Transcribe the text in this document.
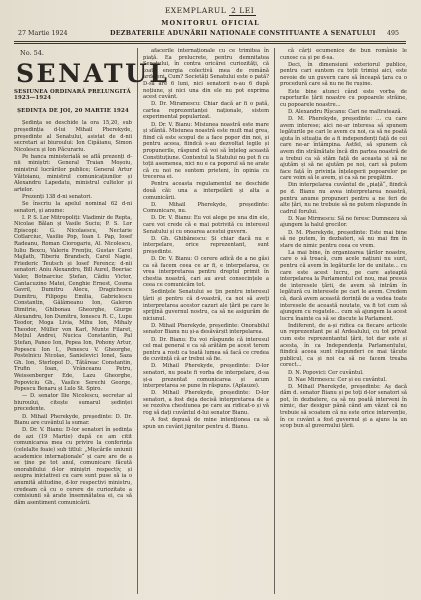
EXEMPLARUL 2 LEI
MONITORUL OFICIAL
27 Martie 1924	DEZBATERILE ADUNĂRII NAȚIONALE CONSTITUANTE A SENATULUI 495
No. 54.
SENATUL
SESIUNEA ORDINARĂ PRELUNGITĂ 1923—1924
ȘEDINȚA DE JOI, 20 MARTIE 1924

Ședința se deschide la ora 15,20, sub președinția d-lui Mihail Pherekyde, președinte al Senatului, asistat de d-nii secretari ai biuroului: Ion Cipăianu, Simon Nicolescu și Ion Păcurariu.

Pe banca ministerială se află prezenți d-nii miniștri: General Traian Moșoiu, ministrul lucrărilor publice; General Artur Văitoianu, ministrul comunicațiunilor și Alexandru Lapedatu, ministrul cultelor și artelor.

Prezenți 138 d-ni senatori.

Se înscriu la apelul nominal 62 d-ni senatori, și anume:

I. P. S. Lor Mitropoliți: Vladimir de Repta, Nicolae Bălan și Vasile Suciu; P. S. Lor Episcopi: G. Nicolaescu, Nectarie Cotlarciuc, Vasilie Pop, Ioan I. Pap, Iosef Radeanu, Roman Ciorogariu, Al. Nicolescu, Iuliu Bexcu, Valeriu Frențiu, Gustav Carol Majlath, Tiberiu Brandsch, Carol Nagie, Friederic Teutsch și Iosef Ferencz; d-nii senatori: Aniu Alexandru, Bill Aurel, Boeriac Valer, Botnarciuc Ștefan, Cădiu Victor, Cantacuzino Matei, Cenghie Ernest, Cosma Gavril, Dumitru Alecu, Dragichescu Dumitru, Filipopu Emilia, Gabrielescu Constantin, Gâlâmeanu Ion, Galeron Dimitrie, Ghibonau Gheorghe, Giurge Alexandru, Ion Dumitru, Ionescu R. C., Lupu Teodor, Moga Livia, Mihu Ion, Mihaly Theodor, Müller von Karl, Munte Filaret, Moțiul Andrei, Nucica Constantin, Pal Ștefan, Paneo Ion, Pepea Ion, Pohony Artur, Popescu Ion I., Penescu V. Gheorghe, Postelnicu Nicolae, Sanielevici Ionel, Saza Gh. Ion, Sterlopol D., Tătăreac Constantin, Trufin Ioan, Vrânceanu Petru, Weissenberger Ede, Lazu Gheorghe, Popoviciu Gh., Vasilce Serechi George, Popescu Benaru și Lulo St. Spiro.

— D. senator Ilie Nicolescu, secretar al biuroului, citește sumarul ședinței precedente.

D. Mihail Pherekyde, președinte: D. Dr. Bianu are cuvântul la sumar.

D. Dr. V. Bianu: D-lor senatori în ședința de azi (19 Martie) după ce am citit comunicarea mea cu privire la conferința (celelalte foaie) sub titlul: „Mișcările uniunii academice internaționale“ și care are de a se ține pe tot anul, comunicare făcută onorabilului d-lor miniștri respectiv, și asupra iniciativei cu care sunt puse să ia o anumită atitudine, d-lor respectivi ministru, credeam că cu o cerere de curiozitate a comisiunii să arate însemnătatea ei, ca să dăm asentiment comunicării.

afacerile internaționale cu ce trimitea în piață. Ea prelucrete, pentru demnitatea Senatului, în contra oricărei curiozități, că toată energia colectivă mea de română ardeleni. Cum? Societăți Senatului este o pată? D-sa are 6 luni, nici senatorii n-au 6 după noțiune, și nici una din ele nu pot exprima acest cuvânt.

D. Dr. Miramescu: Chiar dacă ar fi o pată, cartea reprezentanței naționale, sistem experimental popularizat.

D. Dr. V. Bianu: Misiunea noastră este mare și sfântă. Misiunea noastră este mult mai grea, fiind că este scopul de a face popor din noi, și pentru aceea, fiindcă s-au dezvoltat legile și propunerile, răspund că voi să înțeleg această Constituțiune. Contextul la Statului nu pot fi cu toții asemenea, nici nu e ca poporul să ne arate că cu noi ne suntem prieteni, în opinia cu trecerea ei.

Pentru aceasta regulamentul ne deschide două căi: una a interpelării și alta a comunicării.

D. Mihail Pherekyde, președinte: Comunicare, nu.

D. Dr. V. Bianu: Eu voi alege pe una din ele, care voi crede că e mai potrivită cu interesul Senatului și cu onoarea acestui guvern.

D. Gh. Ghibănescu: Și chiar dacă nu e interpelare, orice reprezentant, sunt președinte.

D. Dr. V. Bianu: O cerere adică de a ne găsi ca să facem ceea ce ar fi, e interpelarea, ce vrea interpretarea pentru dreptul primit în chestia noastră, cari au avut consecințele a ceea ce comunicăm tot.

Sedințele Senatului se țin pentru interesul țării și pentru că d-voastră, ca noi să aveți interpretarea acestor cazuri ale țării pe care le sprijină guvernul nostru, ca să ne asigurăm de niciunul.

D. Mihail Pherekyde, președinte: Onorabilul senator Bianu nu și-a desăvârșit interpelarea.

D. Dr. Bianu: Eu voi răspunde că interesul cel mai general e ca să arătăm pe acest terem pentru a rosti ca toată lumea să facă ce credea de cuviință că ar trebui să fie.

D. Mihail Pherekyde, președinte: D-lor senatori, nu poate fi vorba de interpelare, d-sa și-a prezentat comunicarea și acum interpretarea se pune în răspuns. (Aplauze).

D. Mihail Pherekyde, președinte: D-lor senatori, a fost deja decisă interpretarea de a se rezolva chestiunea pe care au ridicat-o și vă rog să dați cuvântul d-lui senator Bianu.

A fost depusă de mine intenționea ca să spun un cuvânt jignitor pentru d. Bianu.

că cărți ecumenice de bun românie le cunosc ca și pe d-sa.

Deci, în dimensiuni exteriorul publice, pentru cari suntem cu toții trimiși aici, este nevoie de un guvern care să înceapă țara cu o procedură care să nu ne fie rușine.

Este bine atunci când este vorba de raporturile țării noastre cu popoarele străine, cu popoarele noastre...

D. Alexandru Rîșcanu: Cari ne maltratează.

D. M. Pherekyde, președinte: ... cu care avem interese; aici ne-ar interesa să spunem legăturile pe cari le avem cu noi, ca să ne poată ajuta în situația de a fi independenți față de cei care ne-ar întâmpina. Astfel, să spunem că avem din străinătate încă din partea noastră de a trebui ca să stăm față de aceasta și să ne ajutăm și să ne ajutăm pe noi, cari să putem face față în privința înțelegerii popoarelor pe care voim să le avem, și ca să ne pregătim.

Din interpelarea cuvântul de „piață“, fiindcă pe d. Bianu nu avea interpretarea noastră, pentru anume propuneri pentru a ne feri de alte țări, nu ne trebuie să ne putem răspunde în cadrul forului.

D. Nae Mirmescu: Să ne feresc Dumnezeu să ajungem la halul grecilor.

D. M. Pherekyde, președinte: Este mai bine să ne putem, în dezbateri, să nu mai fim în stare de nimic pentru ceea ce vrem.

La mai bine, în organizarea țărilor noastre, care o să treacă, cum acele națiuni nu sunt, pentru că avem în legăturile lor de unitate... cu care este acest lucru, pe care așteaptă interpelarea la Parlamentul cel nou, mai presus de interesele țării, de avem să intrăm în legătură cu interesele pe cari le avem. Credem că, dacă avem această dorință de a vedea toate interesele de această noutate, va fi tot cum să ajungem cu regatele... cum să ajungem la acest lucru înainte ca să se discute la Parlament.

Indiferent, de a-și ridica ca fiecare articole un reprezentant pe al Ardealului, cu tot privat cum este reprezentantul țării, tot dar este și acesta, în ca Independența Parlamentului, fiindcă aceea sunt răspunderi ce mai tăcute publicul, ca și noi ca să ne facem treaba corect...

D. N. Popovici: Cer cuvântul.

D. Nae Mirmescu: Cer și eu cuvântul.

D. Mihail Pherekyde, președinte: Aș dacă dăm d. senator Bianu și pe toți d-lor senatori să pot, în dezbatere, ca să nu poată interveni în nimic, dar desigur până când am văzut că nu trebuie să scoatem că nu este orice intervenție, în ce cuvânt a fost guvernul și a ajuns la un scop bun al guvernului țării.
